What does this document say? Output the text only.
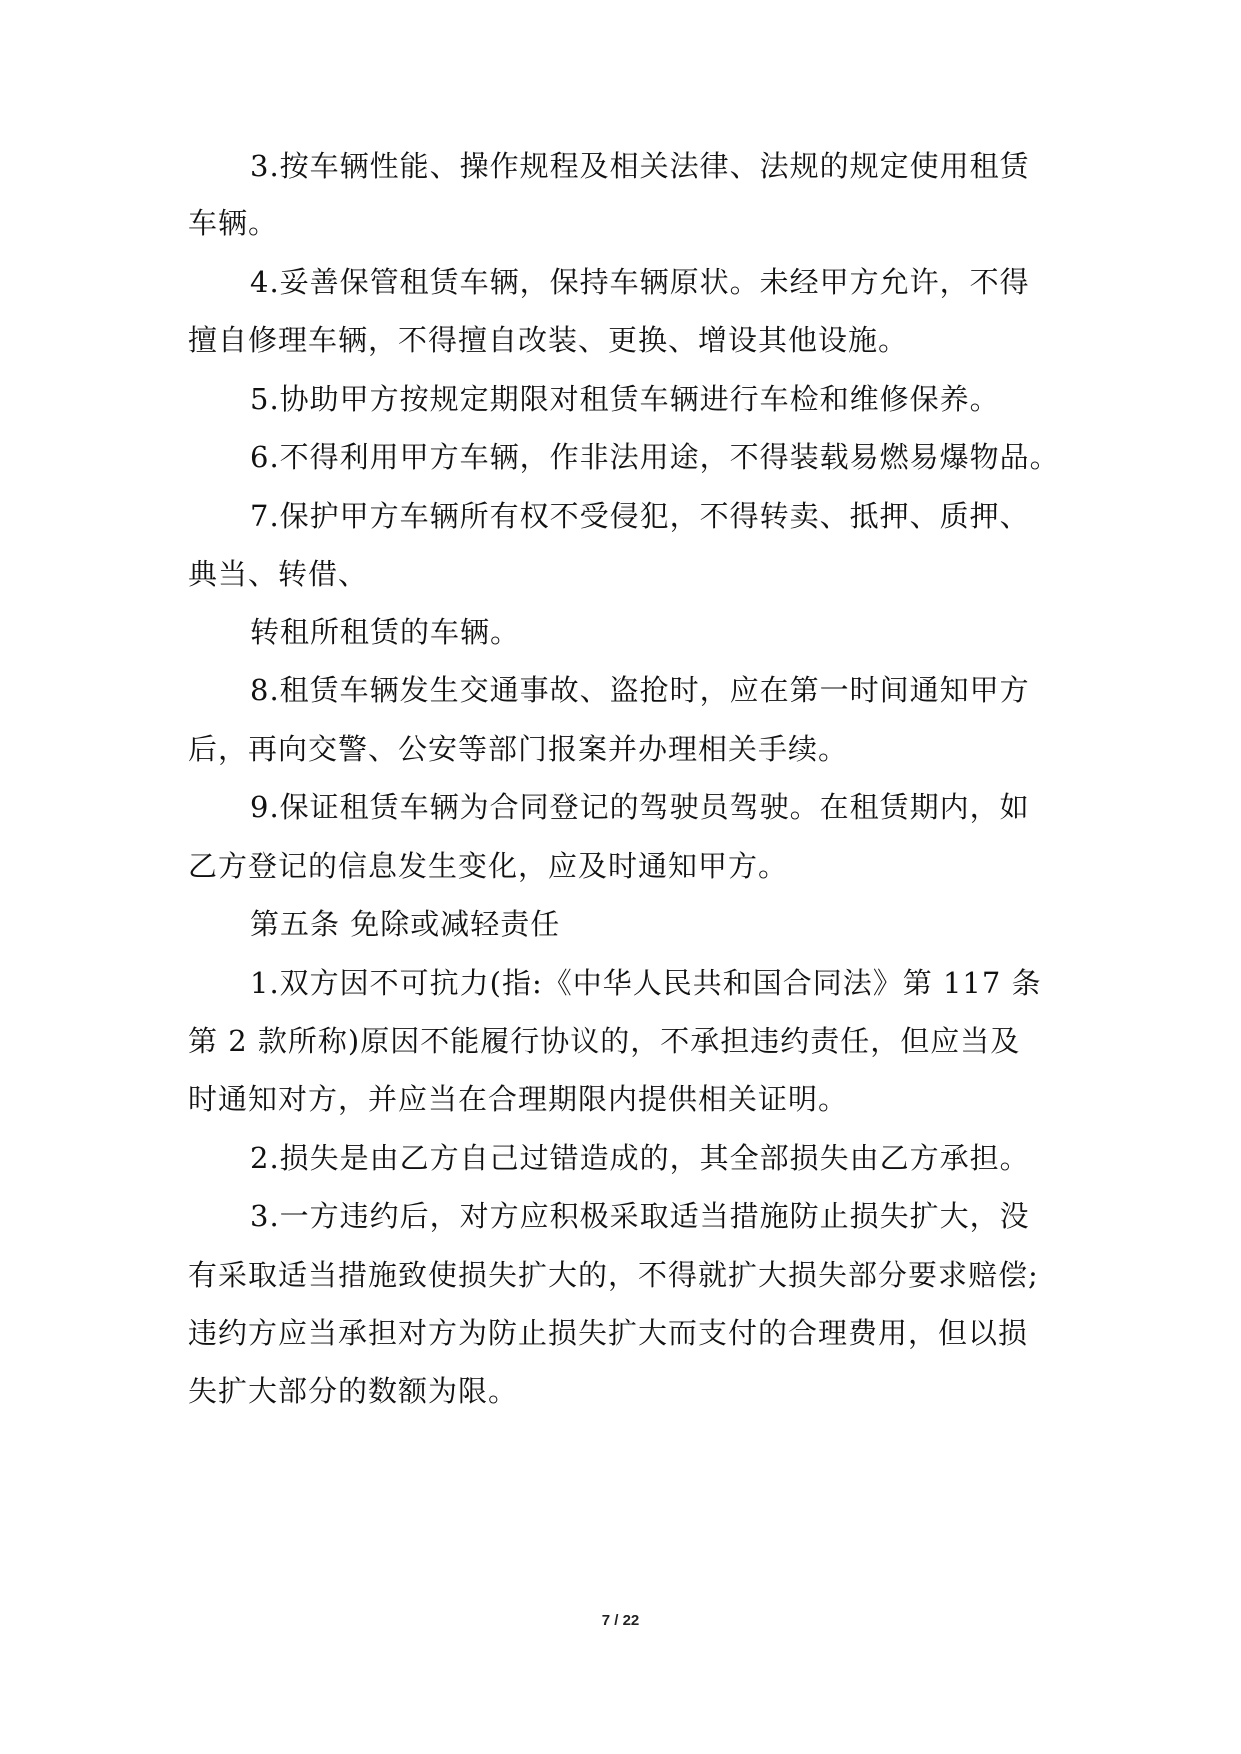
3.按车辆性能、操作规程及相关法律、法规的规定使用租赁
车辆。
4.妥善保管租赁车辆，保持车辆原状。未经甲方允许，不得
擅自修理车辆，不得擅自改装、更换、增设其他设施。
5.协助甲方按规定期限对租赁车辆进行车检和维修保养。
6.不得利用甲方车辆，作非法用途，不得装载易燃易爆物品。
7.保护甲方车辆所有权不受侵犯，不得转卖、抵押、质押、
典当、转借、
转租所租赁的车辆。
8.租赁车辆发生交通事故、盗抢时，应在第一时间通知甲方
后，再向交警、公安等部门报案并办理相关手续。
9.保证租赁车辆为合同登记的驾驶员驾驶。在租赁期内，如
乙方登记的信息发生变化，应及时通知甲方。
第五条 免除或减轻责任
1.双方因不可抗力(指:《中华人民共和国合同法》第 117 条
第 2 款所称)原因不能履行协议的，不承担违约责任，但应当及
时通知对方，并应当在合理期限内提供相关证明。
2.损失是由乙方自己过错造成的，其全部损失由乙方承担。
3.一方违约后，对方应积极采取适当措施防止损失扩大，没
有采取适当措施致使损失扩大的，不得就扩大损失部分要求赔偿;
违约方应当承担对方为防止损失扩大而支付的合理费用，但以损
失扩大部分的数额为限。
7 / 22
